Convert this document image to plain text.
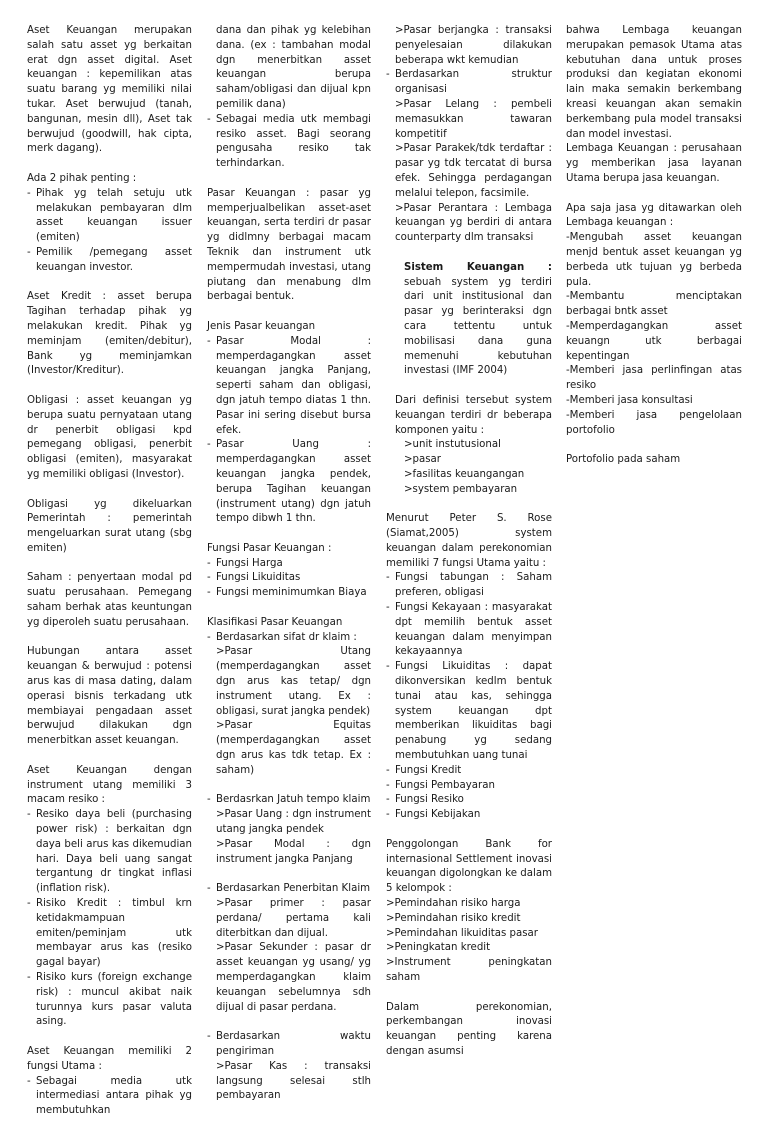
Aset Keuangan merupakan salah satu asset yg berkaitan erat dgn asset digital. Aset keuangan : kepemilikan atas suatu barang yg memiliki nilai tukar. Aset berwujud (tanah, bangunan, mesin dll), Aset tak berwujud (goodwill, hak cipta, merk dagang).

Ada 2 pihak penting :

- Pihak yg telah setuju utk melakukan pembayaran dlm asset keuangan issuer (emiten)
- Pemilik /pemegang asset keuangan investor.

Aset Kredit : asset berupa Tagihan terhadap pihak yg melakukan kredit. Pihak yg meminjam (emiten/debitur), Bank yg meminjamkan (Investor/Kreditur).

Obligasi : asset keuangan yg berupa suatu pernyataan utang dr penerbit obligasi kpd pemegang obligasi, penerbit obligasi (emiten), masyarakat yg memiliki obligasi (Investor).

Obligasi yg dikeluarkan Pemerintah : pemerintah mengeluarkan surat utang (sbg emiten)

Saham : penyertaan modal pd suatu perusahaan. Pemegang saham berhak atas keuntungan yg diperoleh suatu perusahaan.

Hubungan antara asset keuangan & berwujud : potensi arus kas di masa dating, dalam operasi bisnis terkadang utk membiayai pengadaan asset berwujud dilakukan dgn menerbitkan asset keuangan.

Aset Keuangan dengan instrument utang memiliki 3 macam resiko :

- Resiko daya beli (purchasing power risk) : berkaitan dgn daya beli arus kas dikemudian hari. Daya beli uang sangat tergantung dr tingkat inflasi (inflation risk).
- Risiko Kredit : timbul krn ketidakmampuan emiten/peminjam utk membayar arus kas (resiko gagal bayar)
- Risiko kurs (foreign exchange risk) : muncul akibat naik turunnya kurs pasar valuta asing.

Aset Keuangan memiliki 2 fungsi Utama :

- Sebagai media utk intermediasi antara pihak yg membutuhkan

dana dan pihak yg kelebihan dana. (ex : tambahan modal dgn menerbitkan asset keuangan berupa saham/obligasi dan dijual kpn pemilik dana)

- Sebagai media utk membagi resiko asset. Bagi seorang pengusaha resiko tak terhindarkan.

Pasar Keuangan : pasar yg memperjualbelikan asset-aset keuangan, serta terdiri dr pasar yg didlmny berbagai macam Teknik dan instrument utk mempermudah investasi, utang piutang dan menabung dlm berbagai bentuk.

Jenis Pasar keuangan

- Pasar Modal : memperdagangkan asset keuangan jangka Panjang, seperti saham dan obligasi, dgn jatuh tempo diatas 1 thn. Pasar ini sering disebut bursa efek.
- Pasar Uang : memperdagangkan asset keuangan jangka pendek, berupa Tagihan keuangan (instrument utang) dgn jatuh tempo dibwh 1 thn.

Fungsi Pasar Keuangan :

- Fungsi Harga
- Fungsi Likuiditas
- Fungsi meminimumkan Biaya

Klasifikasi Pasar Keuangan

- Berdasarkan sifat dr klaim :

>Pasar Utang (memperdagangkan asset dgn arus kas tetap/ dgn instrument utang. Ex : obligasi, surat jangka pendek)

>Pasar Equitas (memperdagangkan asset dgn arus kas tdk tetap. Ex : saham)

- Berdasrkan Jatuh tempo klaim

>Pasar Uang : dgn instrument utang jangka pendek

>Pasar Modal : dgn instrument jangka Panjang

- Berdasarkan Penerbitan Klaim

>Pasar primer : pasar perdana/ pertama kali diterbitkan dan dijual.

>Pasar Sekunder : pasar dr asset keuangan yg usang/ yg memperdagangkan klaim keuangan sebelumnya sdh dijual di pasar perdana.

- Berdasarkan waktu pengiriman

>Pasar Kas : transaksi langsung selesai stlh pembayaran

>Pasar berjangka : transaksi penyelesaian dilakukan beberapa wkt kemudian

- Berdasarkan struktur organisasi

>Pasar Lelang : pembeli memasukkan tawaran kompetitif

>Pasar Parakek/tdk terdaftar : pasar yg tdk tercatat di bursa efek. Sehingga perdagangan melalui telepon, facsimile.

>Pasar Perantara : Lembaga keuangan yg berdiri di antara counterparty dlm transaksi

Sistem Keuangan : sebuah system yg terdiri dari unit institusional dan pasar yg berinteraksi dgn cara tettentu untuk mobilisasi dana guna memenuhi kebutuhan investasi (IMF 2004)

Dari definisi tersebut system keuangan terdiri dr beberapa komponen yaitu :

>unit instutusional

>pasar

>fasilitas keuangangan

>system pembayaran

Menurut Peter S. Rose (Siamat,2005) system keuangan dalam perekonomian memiliki 7 fungsi Utama yaitu :

- Fungsi tabungan : Saham preferen, obligasi
- Fungsi Kekayaan : masyarakat dpt memilih bentuk asset keuangan dalam menyimpan kekayaannya
- Fungsi Likuiditas : dapat dikonversikan kedlm bentuk tunai atau kas, sehingga system keuangan dpt memberikan likuiditas bagi penabung yg sedang membutuhkan uang tunai
- Fungsi Kredit
- Fungsi Pembayaran
- Fungsi Resiko
- Fungsi Kebijakan

Penggolongan Bank for internasional Settlement inovasi keuangan digolongkan ke dalam 5 kelompok :

>Pemindahan risiko harga

>Pemindahan risiko kredit

>Pemindahan likuiditas pasar

>Peningkatan kredit

>Instrument peningkatan saham

Dalam perekonomian, perkembangan inovasi keuangan penting karena dengan asumsi

bahwa Lembaga keuangan merupakan pemasok Utama atas kebutuhan dana untuk proses produksi dan kegiatan ekonomi lain maka semakin berkembang kreasi keuangan akan semakin berkembang pula model transaksi dan model investasi.

Lembaga Keuangan : perusahaan yg memberikan jasa layanan Utama berupa jasa keuangan.

Apa saja jasa yg ditawarkan oleh Lembaga keuangan :

-Mengubah asset keuangan menjd bentuk asset keuangan yg berbeda utk tujuan yg berbeda pula.

-Membantu menciptakan berbagai bntk asset

-Memperdagangkan asset keuangn utk berbagai kepentingan

-Memberi jasa perlinfingan atas resiko

-Memberi jasa konsultasi

-Memberi jasa pengelolaan portofolio

Portofolio pada saham
